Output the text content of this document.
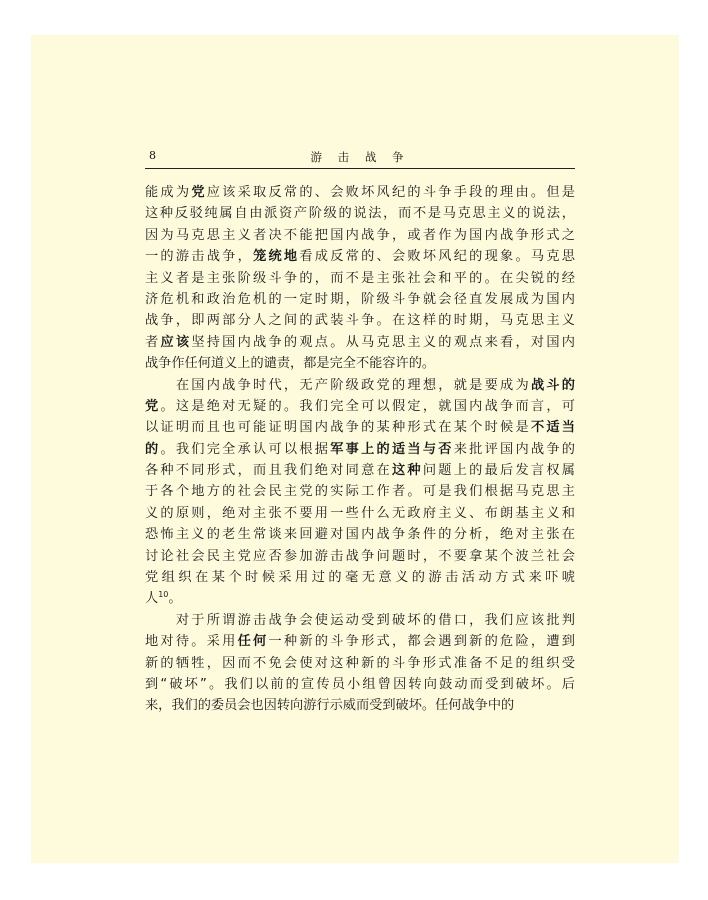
8	游 击 战 争
能成为党应该采取反常的、会败坏风纪的斗争手段的理由。但是
这种反驳纯属自由派资产阶级的说法，而不是马克思主义的说法，
因为马克思主义者决不能把国内战争，或者作为国内战争形式之
一的游击战争，笼统地看成反常的、会败坏风纪的现象。马克思
主义者是主张阶级斗争的，而不是主张社会和平的。在尖锐的经
济危机和政治危机的一定时期，阶级斗争就会径直发展成为国内
战争，即两部分人之间的武装斗争。在这样的时期，马克思主义
者应该坚持国内战争的观点。从马克思主义的观点来看，对国内
战争作任何道义上的谴责，都是完全不能容许的。
　　在国内战争时代，无产阶级政党的理想，就是要成为战斗的
党。这是绝对无疑的。我们完全可以假定，就国内战争而言，可
以证明而且也可能证明国内战争的某种形式在某个时候是不适当
的。我们完全承认可以根据军事上的适当与否来批评国内战争的
各种不同形式，而且我们绝对同意在这种问题上的最后发言权属
于各个地方的社会民主党的实际工作者。可是我们根据马克思主
义的原则，绝对主张不要用一些什么无政府主义、布朗基主义和
恐怖主义的老生常谈来回避对国内战争条件的分析，绝对主张在
讨论社会民主党应否参加游击战争问题时，不要拿某个波兰社会
党组织在某个时候采用过的毫无意义的游击活动方式来吓唬
人$^{10}$。
　　对于所谓游击战争会使运动受到破坏的借口，我们应该批判
地对待。采用任何一种新的斗争形式，都会遇到新的危险，遭到
新的牺牲，因而不免会使对这种新的斗争形式准备不足的组织受
到“破坏”。我们以前的宣传员小组曾因转向鼓动而受到破坏。后
来，我们的委员会也因转向游行示威而受到破坏。任何战争中的
